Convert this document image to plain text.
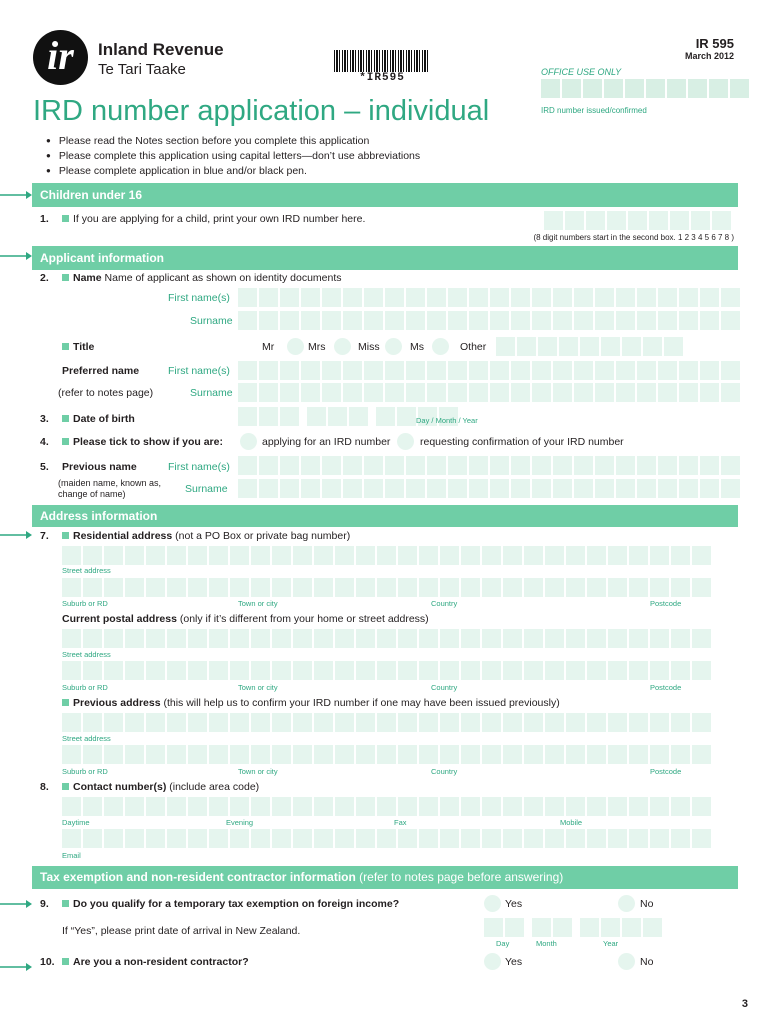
ir	Inland Revenue
Te Tari Taake	*IR595
IR 595
March 2012
OFFICE USE ONLY
IRD number issued/confirmed
IRD number application – individual
● Please read the Notes section before you complete this application
● Please complete this application using capital letters—don’t use abbreviations
● Please complete application in blue and/or black pen.
Children under 16
1.	If you are applying for a child, print your own IRD number here.
(8 digit numbers start in the second box. 1 2 3 4 5 6 7 8 )
Applicant information
2.	Name Name of applicant as shown on identity documents
First name(s)
Surname
Title	Mr	Mrs	Miss	Ms	Other
Preferred name	First name(s)
(refer to notes page)	Surname
3.	Date of birth	Day / Month / Year
4.	Please tick to show if you are:	applying for an IRD number	requesting confirmation of your IRD number
5. Previous name
(maiden name, known as, change of name)
First name(s)
Surname
Address information
7.	Residential address (not a PO Box or private bag number)
Street address
Suburb or RD	Town or city	Country	Postcode
Current postal address (only if it’s different from your home or street address)
Street address
Suburb or RD	Town or city	Country	Postcode
Previous address (this will help us to confirm your IRD number if one may have been issued previously)
Street address
Suburb or RD	Town or city	Country	Postcode
8.	Contact number(s) (include area code)
Daytime	Evening	Fax	Mobile
Email
Tax exemption and non-resident contractor information (refer to notes page before answering)
9.	Do you qualify for a temporary tax exemption on foreign income?	Yes	No
If “Yes”, please print date of arrival in New Zealand.
Day	Month	Year
10.	Are you a non-resident contractor?	Yes	No
3
